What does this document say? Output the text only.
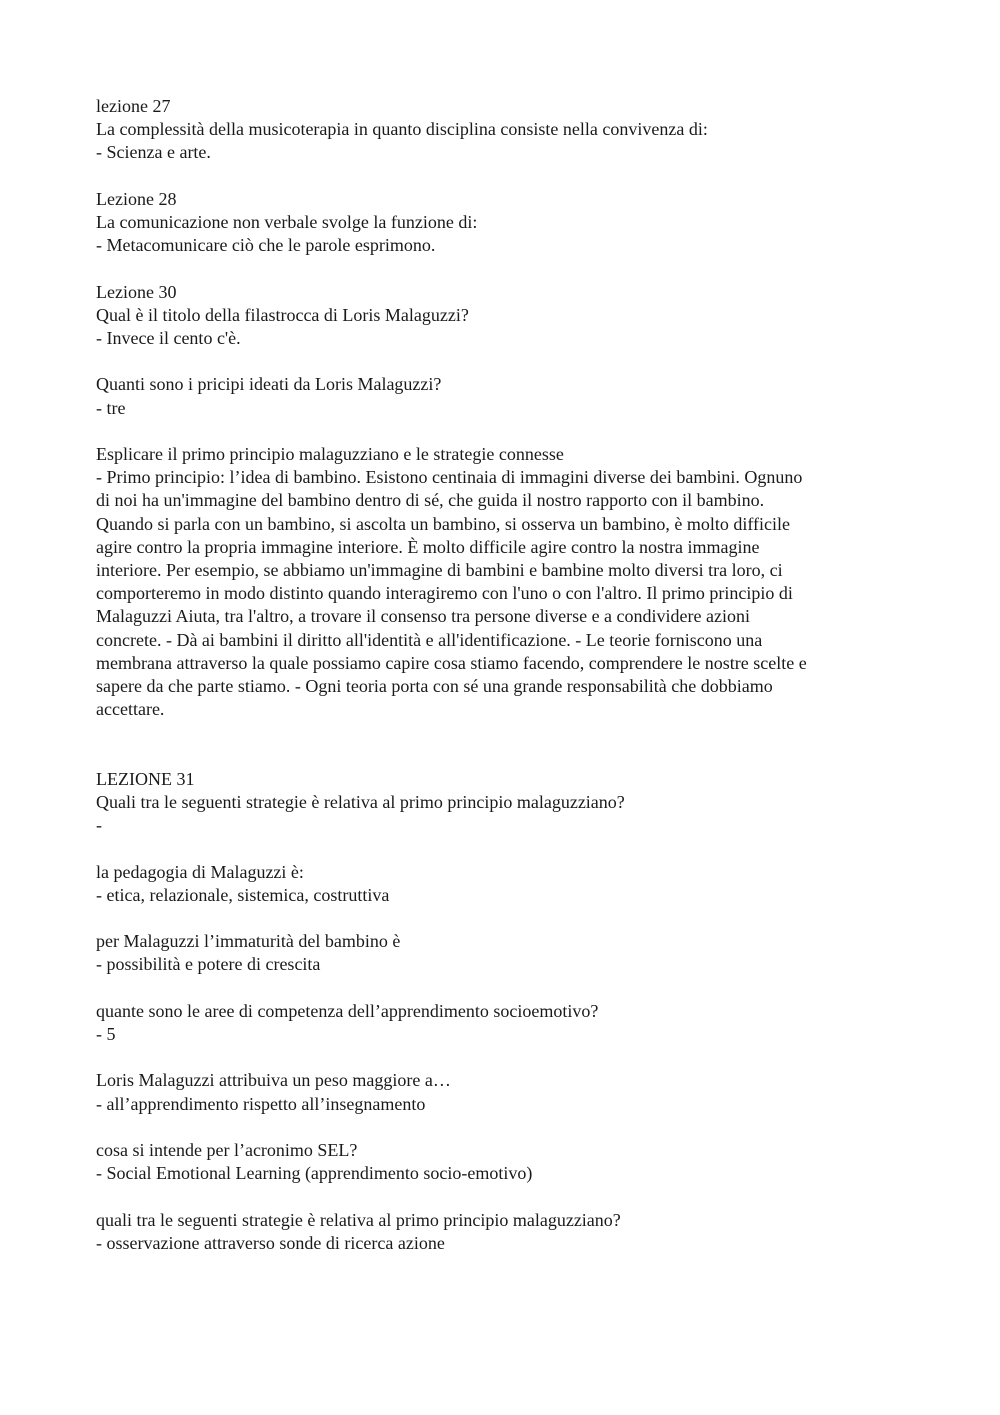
lezione 27
La complessità della musicoterapia in quanto disciplina consiste nella convivenza di:
- Scienza e arte.
Lezione 28
La comunicazione non verbale svolge la funzione di:
- Metacomunicare ciò che le parole esprimono.
Lezione 30
Qual è il titolo della filastrocca di Loris Malaguzzi?
- Invece il cento c'è.
Quanti sono i pricipi ideati da Loris Malaguzzi?
- tre
Esplicare il primo principio malaguzziano e le strategie connesse
- Primo principio: l’idea di bambino. Esistono centinaia di immagini diverse dei bambini. Ognuno
di noi ha un'immagine del bambino dentro di sé, che guida il nostro rapporto con il bambino.
Quando si parla con un bambino, si ascolta un bambino, si osserva un bambino, è molto difficile
agire contro la propria immagine interiore. È molto difficile agire contro la nostra immagine
interiore. Per esempio, se abbiamo un'immagine di bambini e bambine molto diversi tra loro, ci
comporteremo in modo distinto quando interagiremo con l'uno o con l'altro. Il primo principio di
Malaguzzi Aiuta, tra l'altro, a trovare il consenso tra persone diverse e a condividere azioni
concrete. - Dà ai bambini il diritto all'identità e all'identificazione. - Le teorie forniscono una
membrana attraverso la quale possiamo capire cosa stiamo facendo, comprendere le nostre scelte e
sapere da che parte stiamo. - Ogni teoria porta con sé una grande responsabilità che dobbiamo
accettare.
LEZIONE 31
Quali tra le seguenti strategie è relativa al primo principio malaguzziano?
-
la pedagogia di Malaguzzi è:
- etica, relazionale, sistemica, costruttiva
per Malaguzzi l’immaturità del bambino è
- possibilità e potere di crescita
quante sono le aree di competenza dell’apprendimento socioemotivo?
- 5
Loris Malaguzzi attribuiva un peso maggiore a…
- all’apprendimento rispetto all’insegnamento
cosa si intende per l’acronimo SEL?
- Social Emotional Learning (apprendimento socio-emotivo)
quali tra le seguenti strategie è relativa al primo principio malaguzziano?
- osservazione attraverso sonde di ricerca azione
